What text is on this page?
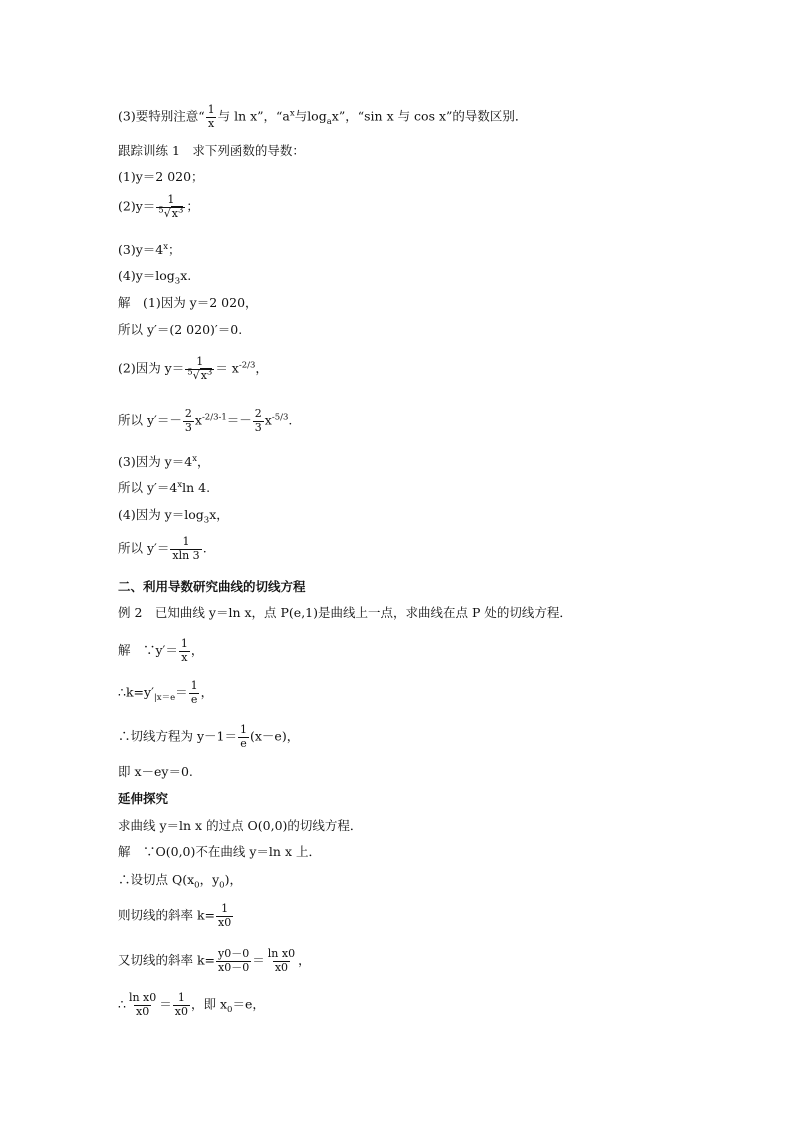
(3)要特别注意“ $\frac{1}{x}$ 与 ln x”，“$a^x$与$\log_ax$”，“sin x 与 cos x”的导数区别．
跟踪训练 1　求下列函数的导数：
(1)y＝2 020；
$(2)y= \frac{1}{^5√x^3}$ ；
$(3)y=4^x$；
$(4)y=\log_3x$.
解　(1)因为 y＝2 020，
所以 y′＝(2 020)′＝0.
(2)因为 $y= \frac{1}{^5√x^3} = x^{-2/3}$，
所以 $y'=- \frac{2}{3} x^{-2/3-1}=- \frac{2}{3} x^{-5/3}$.
(3)因为 $y=4^x$，
所以 $y'=4^x\ln$ 4.
(4)因为 $y=\log_3x$，
所以 $y'= \frac{1}{xln 3}$ .
二、利用导数研究曲线的切线方程
例 2　已知曲线 y＝ln x，点 P(e,1)是曲线上一点，求曲线在点 P 处的切线方程．
解　∵y′＝ $\frac{1}{x}$ ，
$\therefore k=y'_{|x=e}= \frac{1}{e}$ ，
∴切线方程为 $y-1= \frac{1}{e} (x-e)$，
即 x－ey＝0.
延伸探究
求曲线 y＝ln x 的过点 O(0,0)的切线方程．
解　∵O(0,0)不在曲线 y＝ln x 上．
∴设切点 $Q(x_0$，$y_0$)，
则切线的斜率 $k= \frac{1}{x0}$
又切线的斜率 $k= \frac{y0-0}{x0-0} = \frac{\text{ln x0}}{x0}$ ，
∴ $\frac{\text{ln x0}}{x0} = \frac{1}{x0}$ ，即 $x_0=e$，
